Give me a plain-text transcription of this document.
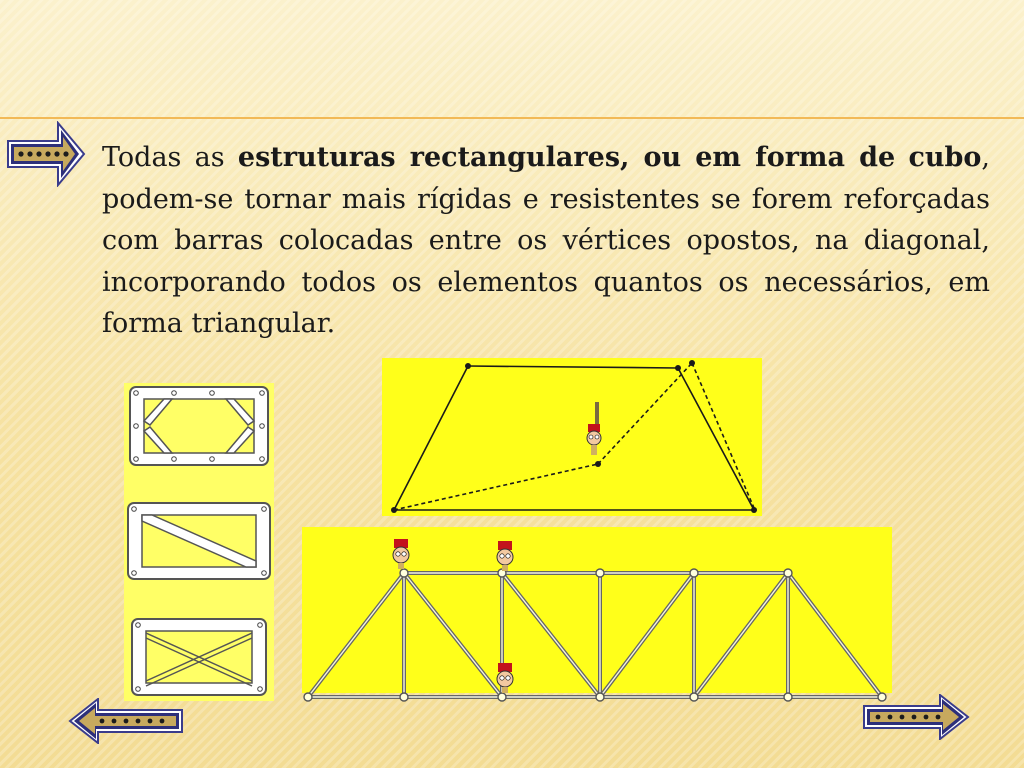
Todas as estruturas rectangulares, ou em forma de cubo, podem-se tornar mais rígidas e resistentes se forem reforçadas com barras colocadas entre os vértices opostos, na diagonal, incorporando todos os elementos quantos os necessários, em forma triangular.
